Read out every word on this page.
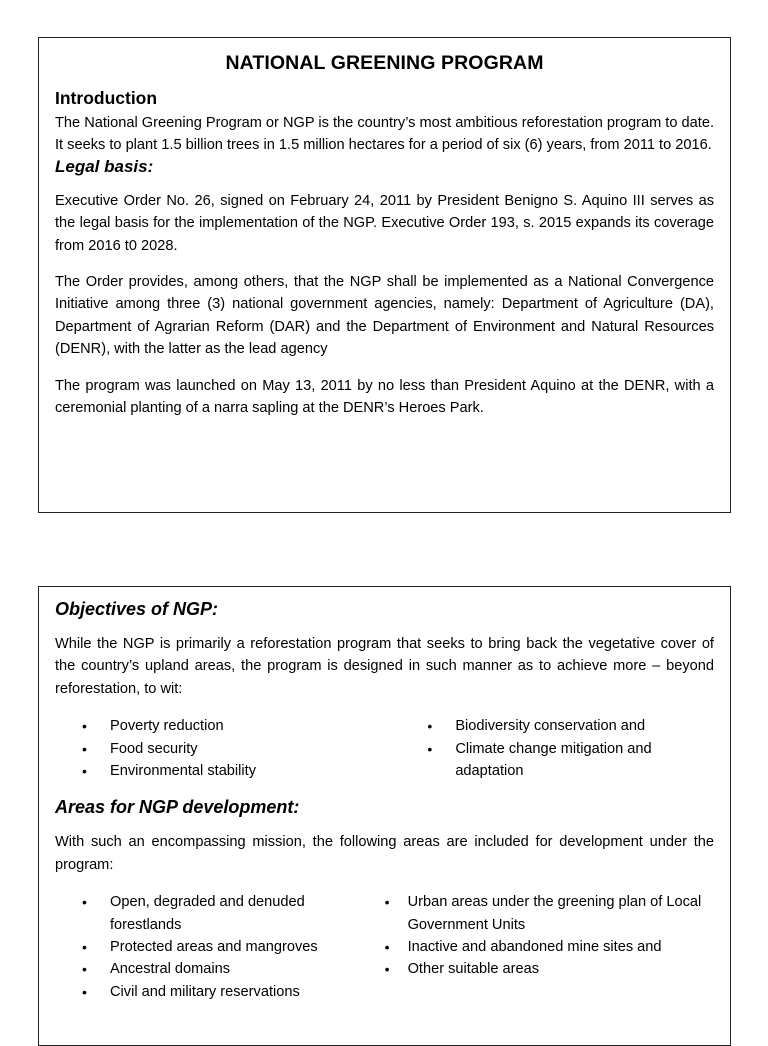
NATIONAL GREENING PROGRAM
Introduction

The National Greening Program or NGP is the country’s most ambitious reforestation program to date. It seeks to plant 1.5 billion trees in 1.5 million hectares for a period of six (6) years, from 2011 to 2016.

Legal basis:

Executive Order No. 26, signed on February 24, 2011 by President Benigno S. Aquino III serves as the legal basis for the implementation of the NGP. Executive Order 193, s. 2015 expands its coverage from 2016 t0 2028.

The Order provides, among others, that the NGP shall be implemented as a National Convergence Initiative among three (3) national government agencies, namely: Department of Agriculture (DA), Department of Agrarian Reform (DAR) and the Department of Environment and Natural Resources (DENR), with the latter as the lead agency

The program was launched on May 13, 2011 by no less than President Aquino at the DENR, with a ceremonial planting of a narra sapling at the DENR’s Heroes Park.

Objectives of NGP:

While the NGP is primarily a reforestation program that seeks to bring back the vegetative cover of the country’s upland areas, the program is designed in such manner as to achieve more – beyond reforestation, to wit:

• Poverty reduction
• Food security
• Environmental stability
• Biodiversity conservation and
• Climate change mitigation and adaptation
Areas for NGP development:

With such an encompassing mission, the following areas are included for development under the program:

• Open, degraded and denuded forestlands
• Protected areas and mangroves
• Ancestral domains
• Civil and military reservations
• Urban areas under the greening plan of Local Government Units
• Inactive and abandoned mine sites and
• Other suitable areas
